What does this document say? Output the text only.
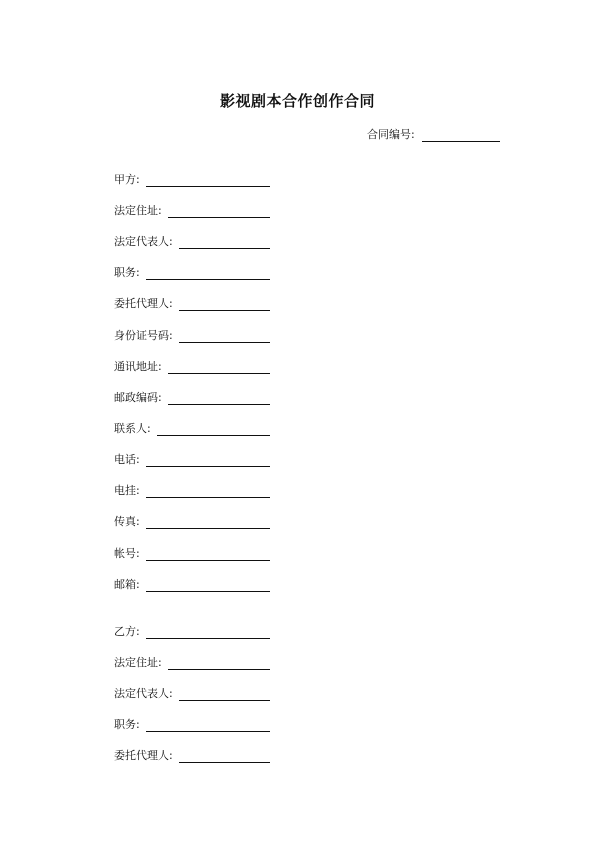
影视剧本合作创作合同
合同编号:
甲方:
法定住址:
法定代表人:
职务:
委托代理人:
身份证号码:
通讯地址:
邮政编码:
联系人:
电话:
电挂:
传真:
帐号:
邮箱:
乙方:
法定住址:
法定代表人:
职务:
委托代理人:
